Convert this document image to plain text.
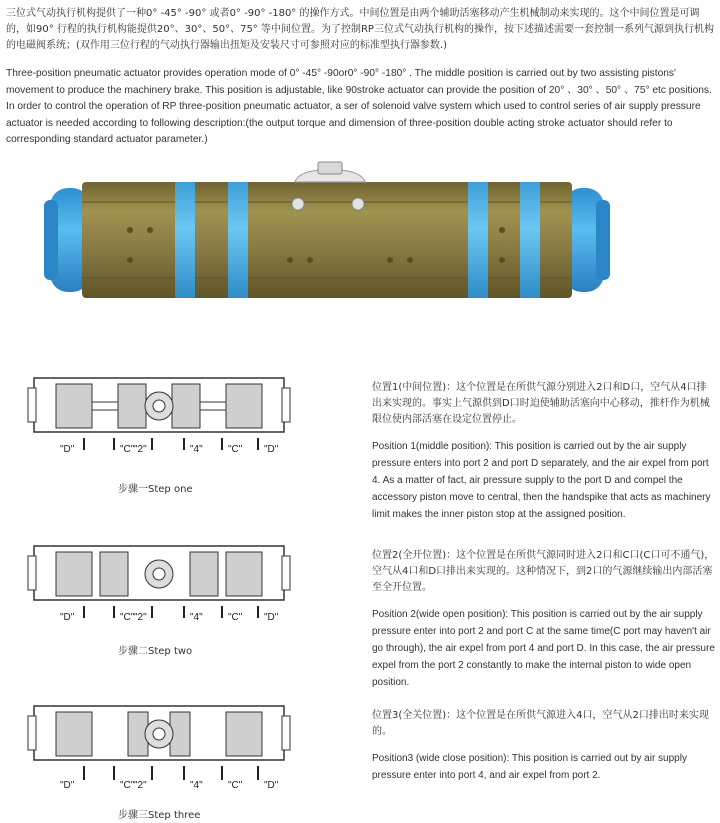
三位式气动执行机构提供了一种0° -45° -90° 或者0° -90° -180° 的操作方式。中间位置是由两个辅助活塞移动产生机械制动来实现的。这个中间位置是可调的，如90° 行程的执行机构能提供20°、30°、50°、75° 等中间位置。为了控制RP三位式气动执行机构的操作，按下述描述需要一套控制一系列气源到执行机构的电磁阀系统；(双作用三位行程的气动执行器输出扭矩及安装尺寸可参照对应的标准型执行器参数.)
Three-position pneumatic actuator provides operation mode of 0° -45° -90or0° -90° -180° . The middle position is carried out by two assisting pistons' movement to produce the machinery brake. This position is adjustable, like 90stroke actuator can provide the position of 20° 、30° 、50° 、75° etc positions. In order to control the operation of RP three-position pneumatic actuator, a ser of solenoid valve system which used to control series of air supply pressure actuator is needed according to following description:(the output torque and dimension of three-position double acting stroke actuator should refer to corresponding standard actuator parameter.)
"D"	"C" "2"	"4"	"C" "D"
步骤一Step one
"D"	"C" "2"	"4"	"C" "D"
步骤二Step two
"D"	"C" "2"	"4"	"C" "D"
步骤三Step three

位置1(中间位置)：这个位置是在所供气源分别进入2口和D口，空气从4口排出来实现的。事实上气源供到D口时迫使辅助活塞向中心移动，推杆作为机械限位使内部活塞在设定位置停止。

Position 1(middle position): This position is carried out by the air supply pressure enters into port 2 and port D separately, and the air expel from port 4. As a matter of fact, air pressure supply to the port D and compel the accessory piston move to central, then the handspike that acts as machinery limit makes the inner piston stop at the assigned position.

位置2(全开位置)：这个位置是在所供气源同时进入2口和C口(C口可不通气)，空气从4口和D口排出来实现的。这种情况下，到2口的气源继续输出内部活塞至全开位置。

Position 2(wide open position): This position is carried out by the air supply pressure enter into port 2 and port C at the same time(C port may haven't air go through), the air expel from port 4 and port D. In this case, the air pressure expel from the port 2 constantly to make the internal piston to wide open position.

位置3(全关位置)：这个位置是在所供气源进入4口，空气从2口排出时来实现的。

Position3 (wide close position): This position is carried out by air supply pressure enter into port 4, and air expel from port 2.
